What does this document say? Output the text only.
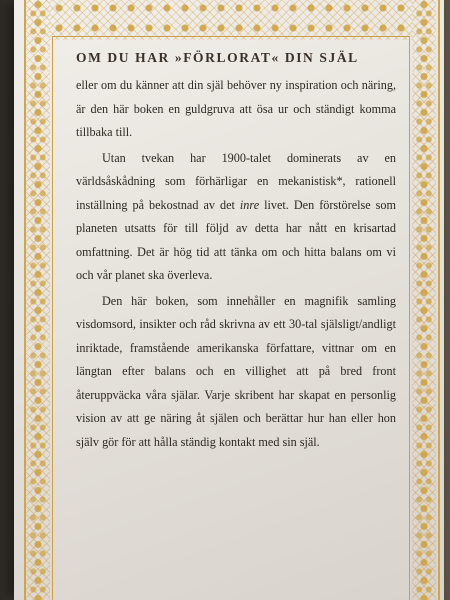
OM DU HAR »FÖRLORAT« DIN SJÄL

eller om du känner att din själ behöver ny inspiration och näring, är den här boken en guldgruva att ösa ur och ständigt komma tillbaka till.

Utan tvekan har 1900-talet dominerats av en världsåskådning som förhärligar en mekanistisk*, rationell inställning på bekostnad av det inre livet. Den förstörelse som planeten utsatts för till följd av detta har nått en krisartad omfattning. Det är hög tid att tänka om och hitta balans om vi och vår planet ska överleva.

Den här boken, som innehåller en magnifik samling visdomsord, insikter och råd skrivna av ett 30-tal själsligt/andligt inriktade, framstående amerikanska författare, vittnar om en längtan efter balans och en villighet att på bred front återuppväcka våra själar. Varje skribent har skapat en personlig vision av att ge näring åt själen och berättar hur han eller hon själv gör för att hålla ständig kontakt med sin själ.
